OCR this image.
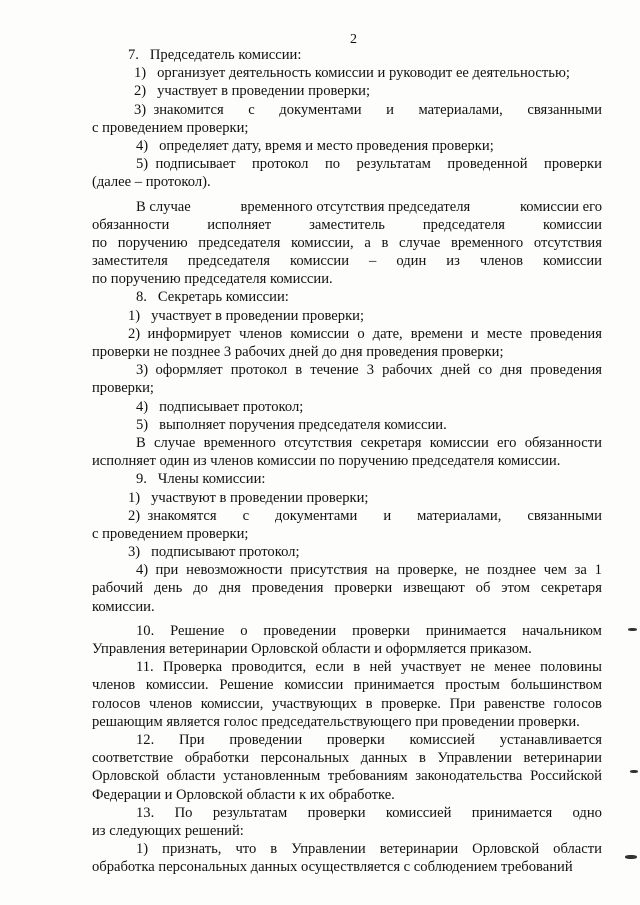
2
7.   Председатель комиссии:
1)   организует деятельность комиссии и руководит ее деятельностью;
2)   участвует в проведении проверки;
3)  знакомится с документами и материалами, связанными
с проведением проверки;
4)   определяет дату, время и место проведения проверки;
5)  подписывает протокол по результатам проведенной проверки
(далее – протокол).
В случае	временного отсутствия председателя	комиссии его
обязанности	исполняет	заместитель	председателя	комиссии
по поручению председателя комиссии, а в случае временного отсутствия
заместителя председателя комиссии – один из членов комиссии
по поручению председателя комиссии.
8.   Секретарь комиссии:
1)   участвует в проведении проверки;
2)  информирует членов комиссии о дате, времени и месте проведения
проверки не позднее 3 рабочих дней до дня проведения проверки;
3)  оформляет протокол в течение 3 рабочих дней со дня проведения
проверки;
4)   подписывает протокол;
5)   выполняет поручения председателя комиссии.
В случае временного отсутствия секретаря комиссии его обязанности
исполняет один из членов комиссии по поручению председателя комиссии.
9.   Члены комиссии:
1)   участвуют в проведении проверки;
2)  знакомятся с документами и материалами, связанными
с проведением проверки;
3)   подписывают протокол;
4)  при невозможности присутствия на проверке, не позднее чем за 1
рабочий день до дня проведения проверки извещают об этом секретаря
комиссии.
10. Решение о проведении проверки принимается начальником
Управления ветеринарии Орловской области и оформляется приказом.
11. Проверка проводится, если в ней участвует не менее половины
членов комиссии. Решение комиссии принимается простым большинством
голосов членов комиссии, участвующих в проверке. При равенстве голосов
решающим является голос председательствующего при проведении проверки.
12. При проведении проверки комиссией устанавливается
соответствие обработки персональных данных в Управлении ветеринарии
Орловской области установленным требованиям законодательства Российской
Федерации и Орловской области к их обработке.
13. По результатам проверки комиссией принимается одно
из следующих решений:
1) признать, что в Управлении ветеринарии Орловской области
обработка персональных данных осуществляется с соблюдением требований
